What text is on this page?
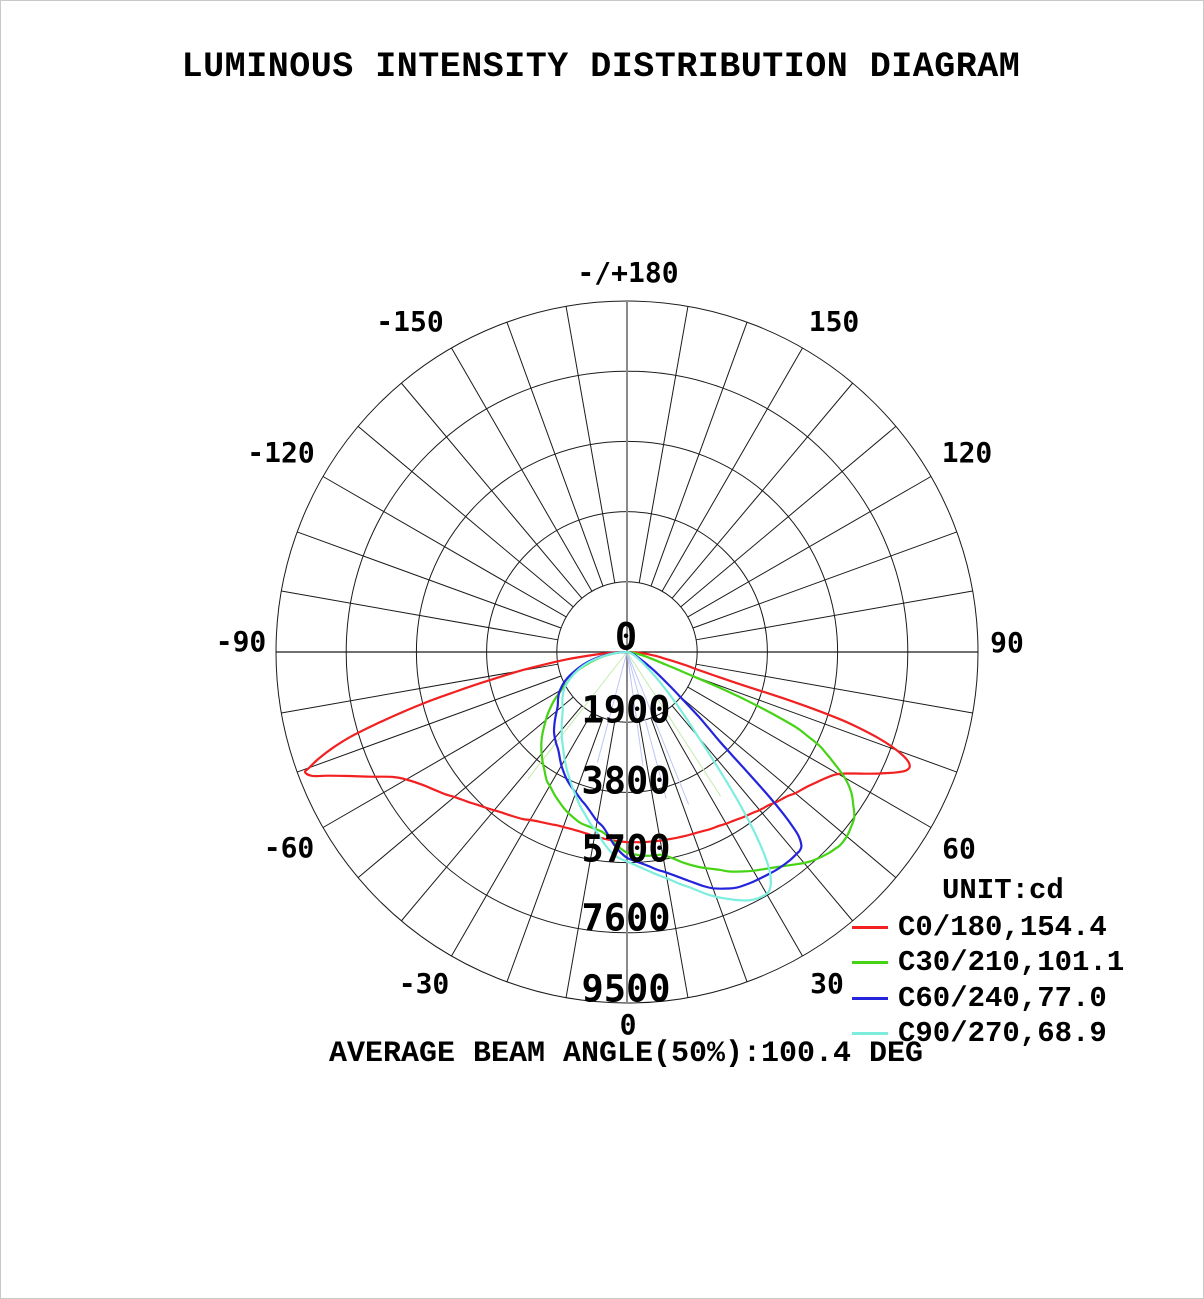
LUMINOUS INTENSITY DISTRIBUTION DIAGRAM
-/+180
-150	150
-120	120
-90	90
-60	60
-30	30
0
0
1900
3800
5700
7600
9500
UNIT:cd
C0/180,154.4
C30/210,101.1
C60/240,77.0
C90/270,68.9
AVERAGE BEAM ANGLE(50%):100.4 DEG
